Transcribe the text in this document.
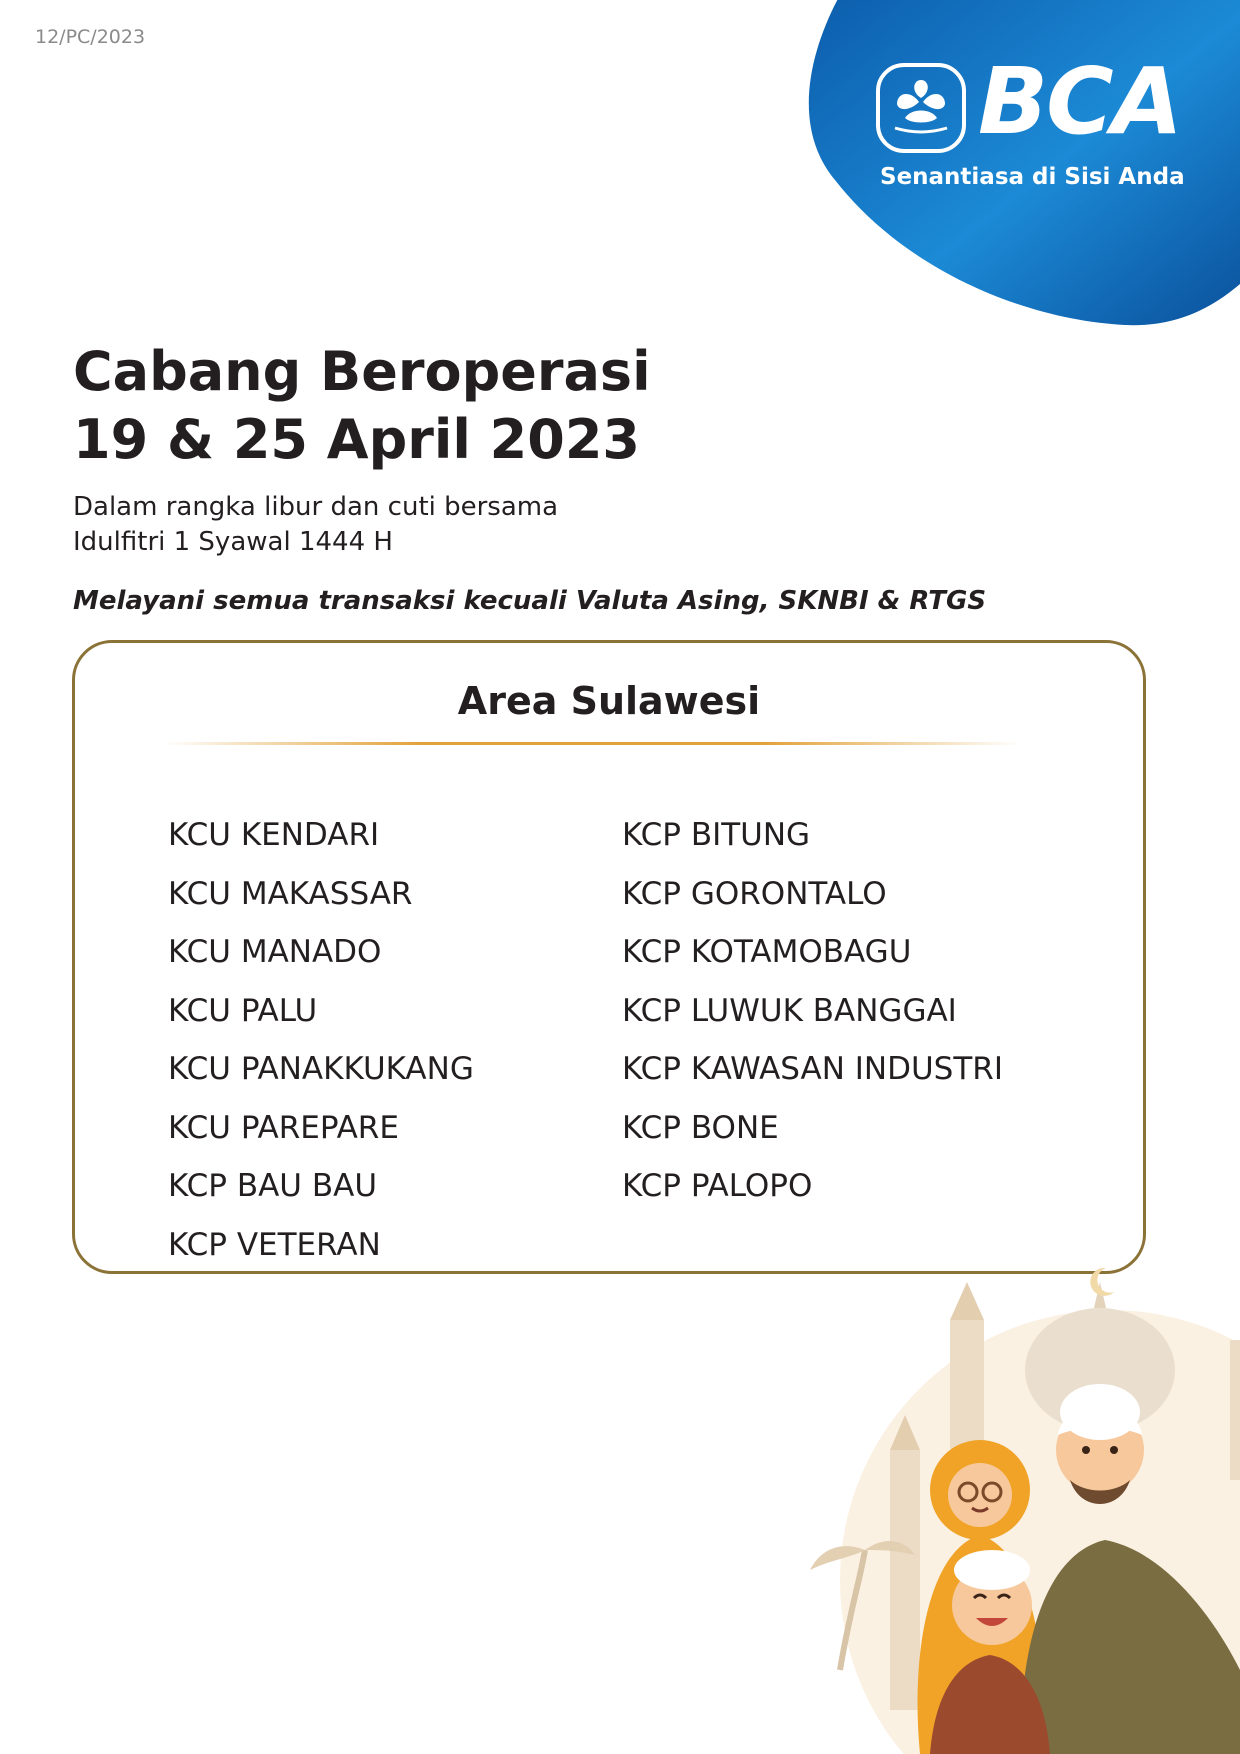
12/PC/2023
BCA
Senantiasa di Sisi Anda
Cabang Beroperasi
19 & 25 April 2023

Dalam rangka libur dan cuti bersama
Idulfitri 1 Syawal 1444 H

Melayani semua transaksi kecuali Valuta Asing, SKNBI & RTGS

Area Sulawesi
KCU KENDARI
KCU MAKASSAR
KCU MANADO
KCU PALU
KCU PANAKKUKANG
KCU PAREPARE
KCP BAU BAU
KCP VETERAN
KCP BITUNG
KCP GORONTALO
KCP KOTAMOBAGU
KCP LUWUK BANGGAI
KCP KAWASAN INDUSTRI
KCP BONE
KCP PALOPO
